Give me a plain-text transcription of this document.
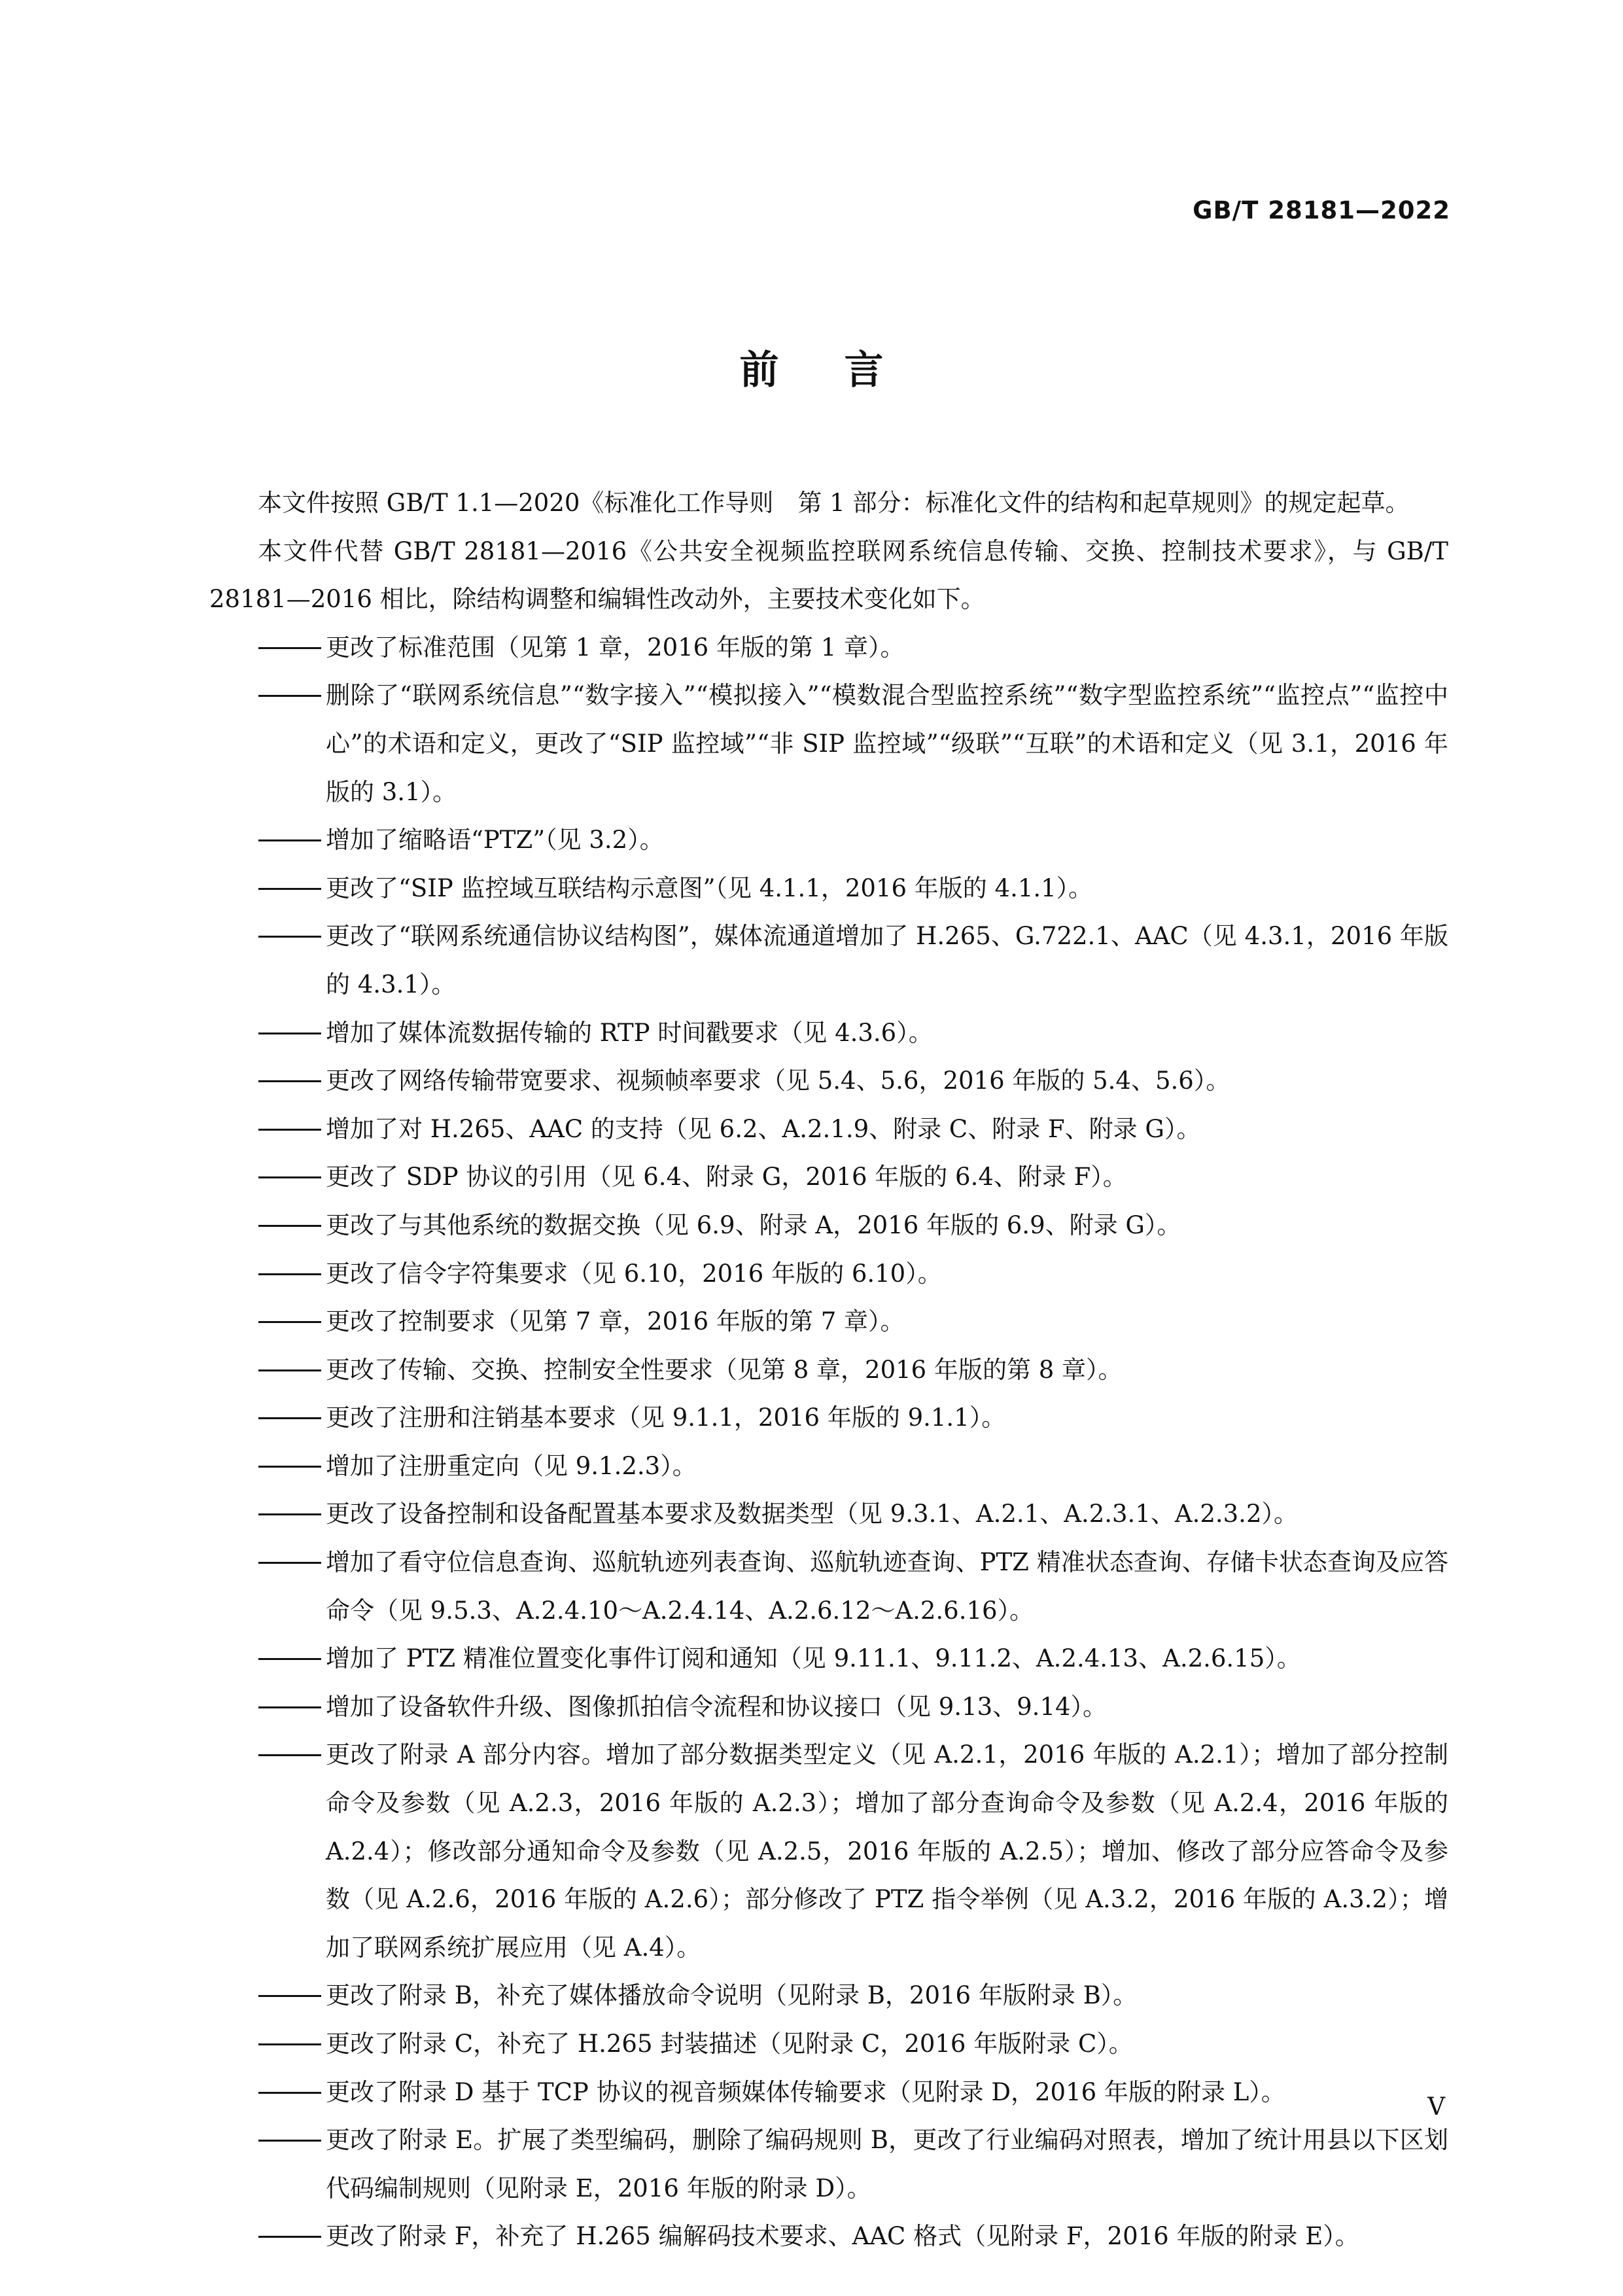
GB/T 28181—2022
前 言

本文件按照 GB/T 1.1—2020《标准化工作导则　第 1 部分：标准化文件的结构和起草规则》的规定起草。

本文件代替 GB/T 28181—2016《公共安全视频监控联网系统信息传输、交换、控制技术要求》，与 GB/T 28181—2016 相比，除结构调整和编辑性改动外，主要技术变化如下。

更改了标准范围（见第 1 章，2016 年版的第 1 章）。

删除了“联网系统信息”“数字接入”“模拟接入”“模数混合型监控系统”“数字型监控系统”“监控点”“监控中心”的术语和定义，更改了“SIP 监控域”“非 SIP 监控域”“级联”“互联”的术语和定义（见 3.1，2016 年版的 3.1）。

增加了缩略语“PTZ”（见 3.2）。

更改了“SIP 监控域互联结构示意图”（见 4.1.1，2016 年版的 4.1.1）。

更改了“联网系统通信协议结构图”，媒体流通道增加了 H.265、G.722.1、AAC（见 4.3.1，2016 年版的 4.3.1）。

增加了媒体流数据传输的 RTP 时间戳要求（见 4.3.6）。

更改了网络传输带宽要求、视频帧率要求（见 5.4、5.6，2016 年版的 5.4、5.6）。

增加了对 H.265、AAC 的支持（见 6.2、A.2.1.9、附录 C、附录 F、附录 G）。

更改了 SDP 协议的引用（见 6.4、附录 G，2016 年版的 6.4、附录 F）。

更改了与其他系统的数据交换（见 6.9、附录 A，2016 年版的 6.9、附录 G）。

更改了信令字符集要求（见 6.10，2016 年版的 6.10）。

更改了控制要求（见第 7 章，2016 年版的第 7 章）。

更改了传输、交换、控制安全性要求（见第 8 章，2016 年版的第 8 章）。

更改了注册和注销基本要求（见 9.1.1，2016 年版的 9.1.1）。

增加了注册重定向（见 9.1.2.3）。

更改了设备控制和设备配置基本要求及数据类型（见 9.3.1、A.2.1、A.2.3.1、A.2.3.2）。

增加了看守位信息查询、巡航轨迹列表查询、巡航轨迹查询、PTZ 精准状态查询、存储卡状态查询及应答命令（见 9.5.3、A.2.4.10～A.2.4.14、A.2.6.12～A.2.6.16）。

增加了 PTZ 精准位置变化事件订阅和通知（见 9.11.1、9.11.2、A.2.4.13、A.2.6.15）。

增加了设备软件升级、图像抓拍信令流程和协议接口（见 9.13、9.14）。

更改了附录 A 部分内容。增加了部分数据类型定义（见 A.2.1，2016 年版的 A.2.1）；增加了部分控制命令及参数（见 A.2.3，2016 年版的 A.2.3）；增加了部分查询命令及参数（见 A.2.4，2016 年版的 A.2.4）；修改部分通知命令及参数（见 A.2.5，2016 年版的 A.2.5）；增加、修改了部分应答命令及参数（见 A.2.6，2016 年版的 A.2.6）；部分修改了 PTZ 指令举例（见 A.3.2，2016 年版的 A.3.2）；增加了联网系统扩展应用（见 A.4）。

更改了附录 B，补充了媒体播放命令说明（见附录 B，2016 年版附录 B）。

更改了附录 C，补充了 H.265 封装描述（见附录 C，2016 年版附录 C）。

更改了附录 D 基于 TCP 协议的视音频媒体传输要求（见附录 D，2016 年版的附录 L）。

更改了附录 E。扩展了类型编码，删除了编码规则 B，更改了行业编码对照表，增加了统计用县以下区划代码编制规则（见附录 E，2016 年版的附录 D）。

更改了附录 F，补充了 H.265 编解码技术要求、AAC 格式（见附录 F，2016 年版的附录 E）。

V
